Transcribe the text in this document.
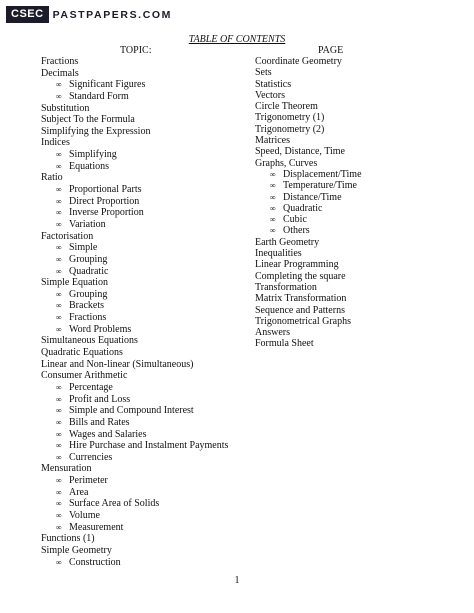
CSEC PASTPAPERS.COM
TABLE OF CONTENTS
TOPIC:	PAGE
Fractions
Decimals
∞ Significant Figures
∞ Standard Form
Substitution
Subject To the Formula
Simplifying the Expression
Indices
∞ Simplifying
∞ Equations
Ratio
∞ Proportional Parts
∞ Direct Proportion
∞ Inverse Proportion
∞ Variation
Factorisation
∞ Simple
∞ Grouping
∞ Quadratic
Simple Equation
∞ Grouping
∞ Brackets
∞ Fractions
∞ Word Problems
Simultaneous Equations
Quadratic Equations
Linear and Non-linear (Simultaneous)
Consumer Arithmetic
∞ Percentage
∞ Profit and Loss
∞ Simple and Compound Interest
∞ Bills and Rates
∞ Wages and Salaries
∞ Hire Purchase and Instalment Payments
∞ Currencies
Mensuration
∞ Perimeter
∞ Area
∞ Surface Area of Solids
∞ Volume
∞ Measurement
Functions (1)
Simple Geometry
∞ Construction
Coordinate Geometry
Sets
Statistics
Vectors
Circle Theorem
Trigonometry (1)
Trigonometry (2)
Matrices
Speed, Distance, Time
Graphs, Curves
∞ Displacement/Time
∞ Temperature/Time
∞ Distance/Time
∞ Quadratic
∞ Cubic
∞ Others
Earth Geometry
Inequalities
Linear Programming
Completing the square
Transformation
Matrix Transformation
Sequence and Patterns
Trigonometrical Graphs
Answers
Formula Sheet
1
